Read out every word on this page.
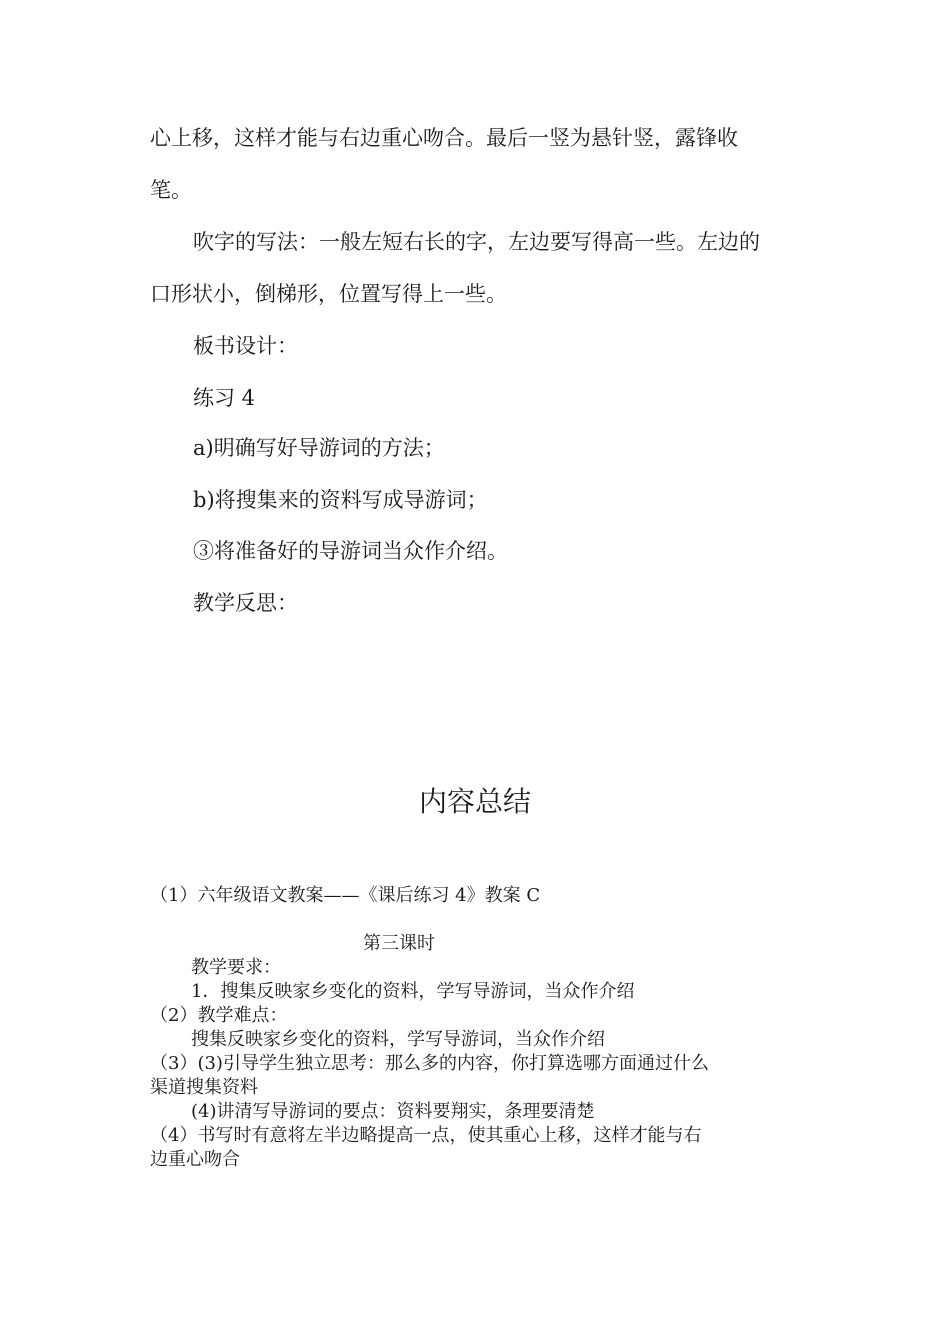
心上移，这样才能与右边重心吻合。最后一竖为悬针竖，露锋收
笔。
吹字的写法：一般左短右长的字，左边要写得高一些。左边的
口形状小，倒梯形，位置写得上一些。
板书设计：
练习 4
a)明确写好导游词的方法；
b)将搜集来的资料写成导游词；
③将准备好的导游词当众作介绍。
教学反思：
内容总结
（1）六年级语文教案——《课后练习 4》教案 C
第三课时
教学要求：
1．搜集反映家乡变化的资料，学写导游词，当众作介绍
（2）教学难点：
搜集反映家乡变化的资料，学写导游词，当众作介绍
（3）(3)引导学生独立思考：那么多的内容，你打算选哪方面通过什么
渠道搜集资料
(4)讲清写导游词的要点：资料要翔实，条理要清楚
（4）书写时有意将左半边略提高一点，使其重心上移，这样才能与右
边重心吻合
